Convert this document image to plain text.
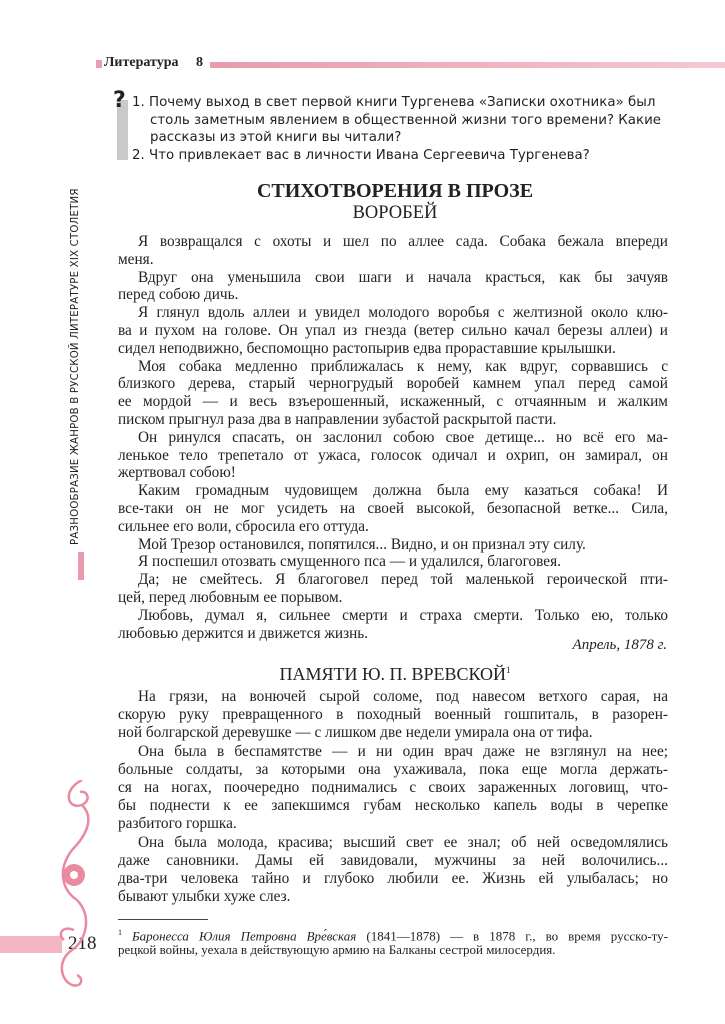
Литература 8
РАЗНООБРАЗИЕ ЖАНРОВ В РУССКОЙ ЛИТЕРАТУРЕ XIX СТОЛЕТИЯ
? 1. Почему выход в свет первой книги Тургенева «Записки охотника» был столь заметным явлением в общественной жизни того времени? Какие рассказы из этой книги вы читали?
2. Что привлекает вас в личности Ивана Сергеевича Тургенева?
СТИХОТВОРЕНИЯ В ПРОЗЕ
ВОРОБЕЙ
Я возвращался с охоты и шел по аллее сада. Собака бежала впереди
меня.
Вдруг она уменьшила свои шаги и начала красться, как бы зачуяв
перед собою дичь.
Я глянул вдоль аллеи и увидел молодого воробья с желтизной около клю-
ва и пухом на голове. Он упал из гнезда (ветер сильно качал березы аллеи) и
сидел неподвижно, беспомощно растопырив едва прораставшие крылышки.
Моя собака медленно приближалась к нему, как вдруг, сорвавшись с
близкого дерева, старый черногрудый воробей камнем упал перед самой
ее мордой — и весь взъерошенный, искаженный, с отчаянным и жалким
писком прыгнул раза два в направлении зубастой раскрытой пасти.
Он ринулся спасать, он заслонил собою свое детище... но всё его ма-
ленькое тело трепетало от ужаса, голосок одичал и охрип, он замирал, он
жертвовал собою!
Каким громадным чудовищем должна была ему казаться собака! И
все-таки он не мог усидеть на своей высокой, безопасной ветке... Сила,
сильнее его воли, сбросила его оттуда.
Мой Трезор остановился, попятился... Видно, и он признал эту силу.
Я поспешил отозвать смущенного пса — и удалился, благоговея.
Да; не смейтесь. Я благоговел перед той маленькой героической пти-
цей, перед любовным ее порывом.
Любовь, думал я, сильнее смерти и страха смерти. Только ею, только
любовью держится и движется жизнь.
Апрель, 1878 г.
ПАМЯТИ Ю. П. ВРЕВСКОЙ$^1$
На грязи, на вонючей сырой соломе, под навесом ветхого сарая, на
скорую руку превращенного в походный военный гошпиталь, в разорен-
ной болгарской деревушке — с лишком две недели умирала она от тифа.
Она была в беспамятстве — и ни один врач даже не взглянул на нее;
больные солдаты, за которыми она ухаживала, пока еще могла держать-
ся на ногах, поочередно поднимались с своих зараженных логовищ, что-
бы поднести к ее запекшимся губам несколько капель воды в черепке
разбитого горшка.
Она была молода, красива; высший свет ее знал; об ней осведомлялись
даже сановники. Дамы ей завидовали, мужчины за ней волочились...
два-три человека тайно и глубоко любили ее. Жизнь ей улыбалась; но
бывают улыбки хуже слез.
$^1$ Баронесса Юлия Петровна Вре́вская (1841—1878) — в 1878 г., во время русско-ту-
рецкой войны, уехала в действующую армию на Балканы сестрой милосердия.
218
